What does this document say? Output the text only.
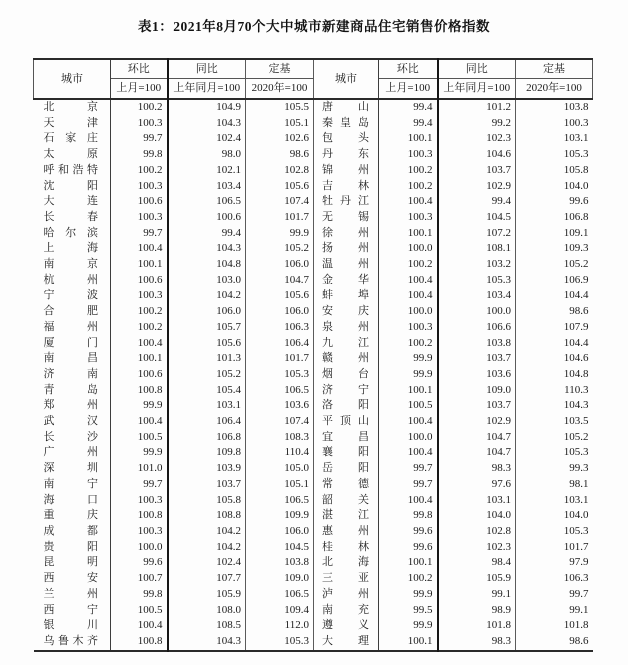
表1：2021年8月70个大中城市新建商品住宅销售价格指数
城市	环比	同比	定基	城市	环比	同比	定基
	上月=100	上年同月=100	2020年=100		上月=100	上年同月=100	2020年=100

北京	100.2	104.9	105.5	唐山	99.4	101.2	103.8

天津	100.3	104.3	105.1	秦皇岛	99.4	99.2	100.3

石家庄	99.7	102.4	102.6	包头	100.1	102.3	103.1

太原	99.8	98.0	98.6	丹东	100.3	104.6	105.3

呼和浩特	100.2	102.1	102.8	锦州	100.2	103.7	105.8

沈阳	100.3	103.4	105.6	吉林	100.2	102.9	104.0

大连	100.6	106.5	107.4	牡丹江	100.4	99.4	99.6

长春	100.3	100.6	101.7	无锡	100.3	104.5	106.8

哈尔滨	99.7	99.4	99.9	徐州	100.1	107.2	109.1

上海	100.4	104.3	105.2	扬州	100.0	108.1	109.3

南京	100.1	104.8	106.0	温州	100.2	103.2	105.2

杭州	100.6	103.0	104.7	金华	100.4	105.3	106.9

宁波	100.3	104.2	105.6	蚌埠	100.4	103.4	104.4

合肥	100.2	106.0	106.0	安庆	100.0	100.0	98.6

福州	100.2	105.7	106.3	泉州	100.3	106.6	107.9

厦门	100.4	105.6	106.4	九江	100.2	103.8	104.4

南昌	100.1	101.3	101.7	赣州	99.9	103.7	104.6

济南	100.6	105.2	105.3	烟台	99.9	103.6	104.8

青岛	100.8	105.4	106.5	济宁	100.1	109.0	110.3

郑州	99.9	103.1	103.6	洛阳	100.5	103.7	104.3

武汉	100.4	106.4	107.4	平顶山	100.4	102.9	103.5

长沙	100.5	106.8	108.3	宜昌	100.0	104.7	105.2

广州	99.9	109.8	110.4	襄阳	100.4	104.7	105.3

深圳	101.0	103.9	105.0	岳阳	99.7	98.3	99.3

南宁	99.7	103.7	105.1	常德	99.7	97.6	98.1

海口	100.3	105.8	106.5	韶关	100.4	103.1	103.1

重庆	100.8	108.8	109.9	湛江	99.8	104.0	104.0

成都	100.3	104.2	106.0	惠州	99.6	102.8	105.3

贵阳	100.0	104.2	104.5	桂林	99.6	102.3	101.7

昆明	99.6	102.4	103.8	北海	100.1	98.4	97.9

西安	100.7	107.7	109.0	三亚	100.2	105.9	106.3

兰州	99.8	105.9	106.5	泸州	99.9	99.1	99.7

西宁	100.5	108.0	109.4	南充	99.5	98.9	99.1

银川	100.4	108.5	112.0	遵义	99.9	101.8	101.8

乌鲁木齐	100.8	104.3	105.3	大理	100.1	98.3	98.6
